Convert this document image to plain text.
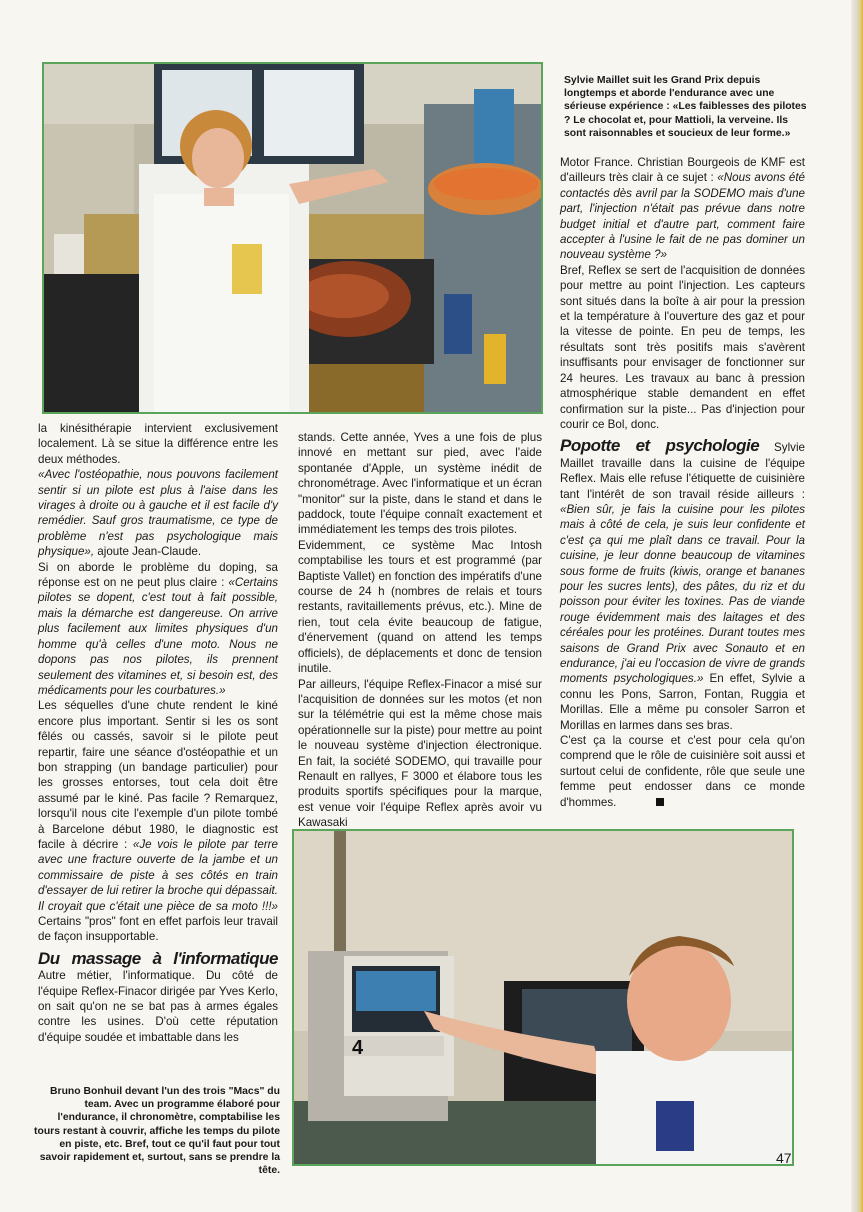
Sylvie Maillet suit les Grand Prix depuis longtemps et aborde l'endurance avec une sérieuse expérience : «Les faiblesses des pilotes ? Le chocolat et, pour Mattioli, la verveine. Ils sont raisonnables et soucieux de leur forme.»

la kinésithérapie intervient exclusivement localement. Là se situe la différence entre les deux méthodes.

«Avec l'ostéopathie, nous pouvons facilement sentir si un pilote est plus à l'aise dans les virages à droite ou à gauche et il est facile d'y remédier. Sauf gros traumatisme, ce type de problème n'est pas psychologique mais physique», ajoute Jean-Claude.

Si on aborde le problème du doping, sa réponse est on ne peut plus claire : «Certains pilotes se dopent, c'est tout à fait possible, mais la démarche est dangereuse. On arrive plus facilement aux limites physiques d'un homme qu'à celles d'une moto. Nous ne dopons pas nos pilotes, ils prennent seulement des vitamines et, si besoin est, des médicaments pour les courbatures.»

Les séquelles d'une chute rendent le kiné encore plus important. Sentir si les os sont fêlés ou cassés, savoir si le pilote peut repartir, faire une séance d'ostéopathie et un bon strapping (un bandage particulier) pour les grosses entorses, tout cela doit être assumé par le kiné. Pas facile ? Remarquez, lorsqu'il nous cite l'exemple d'un pilote tombé à Barcelone début 1980, le diagnostic est facile à décrire : «Je vois le pilote par terre avec une fracture ouverte de la jambe et un commissaire de piste à ses côtés en train d'essayer de lui retirer la broche qui dépassait. Il croyait que c'était une pièce de sa moto !!!» Certains "pros" font en effet parfois leur travail de façon insupportable.

Du massage à l'informatique Autre métier, l'informatique. Du côté de l'équipe Reflex-Finacor dirigée par Yves Kerlo, on sait qu'on ne se bat pas à armes égales contre les usines. D'où cette réputation d'équipe soudée et imbattable dans les

stands. Cette année, Yves a une fois de plus innové en mettant sur pied, avec l'aide spontanée d'Apple, un système inédit de chronométrage. Avec l'informatique et un écran "monitor" sur la piste, dans le stand et dans le paddock, toute l'équipe connaît exactement et immédiatement les temps des trois pilotes.

Evidemment, ce système Mac Intosh comptabilise les tours et est programmé (par Baptiste Vallet) en fonction des impératifs d'une course de 24 h (nombres de relais et tours restants, ravitaillements prévus, etc.). Mine de rien, tout cela évite beaucoup de fatigue, d'énervement (quand on attend les temps officiels), de déplacements et donc de tension inutile.

Par ailleurs, l'équipe Reflex-Finacor a misé sur l'acquisition de données sur les motos (et non sur la télémétrie qui est la même chose mais opérationnelle sur la piste) pour mettre au point le nouveau système d'injection électronique. En fait, la société SODEMO, qui travaille pour Renault en rallyes, F 3000 et élabore tous les produits sportifs spécifiques pour la marque, est venue voir l'équipe Reflex après avoir vu Kawasaki

Motor France. Christian Bourgeois de KMF est d'ailleurs très clair à ce sujet : «Nous avons été contactés dès avril par la SODEMO mais d'une part, l'injection n'était pas prévue dans notre budget initial et d'autre part, comment faire accepter à l'usine le fait de ne pas dominer un nouveau système ?»

Bref, Reflex se sert de l'acquisition de données pour mettre au point l'injection. Les capteurs sont situés dans la boîte à air pour la pression et la température à l'ouverture des gaz et pour la vitesse de pointe. En peu de temps, les résultats sont très positifs mais s'avèrent insuffisants pour envisager de fonctionner sur 24 heures. Les travaux au banc à pression atmosphérique stable demandent en effet confirmation sur la piste... Pas d'injection pour courir ce Bol, donc.

Popotte et psychologie Sylvie Maillet travaille dans la cuisine de l'équipe Reflex. Mais elle refuse l'étiquette de cuisinière tant l'intérêt de son travail réside ailleurs : «Bien sûr, je fais la cuisine pour les pilotes mais à côté de cela, je suis leur confidente et c'est ça qui me plaît dans ce travail. Pour la cuisine, je leur donne beaucoup de vitamines sous forme de fruits (kiwis, orange et bananes pour les sucres lents), des pâtes, du riz et du poisson pour éviter les toxines. Pas de viande rouge évidemment mais des laitages et des céréales pour les protéines. Durant toutes mes saisons de Grand Prix avec Sonauto et en endurance, j'ai eu l'occasion de vivre de grands moments psychologiques.» En effet, Sylvie a connu les Pons, Sarron, Fontan, Ruggia et Morillas. Elle a même pu consoler Sarron et Morillas en larmes dans ses bras.

C'est ça la course et c'est pour cela qu'on comprend que le rôle de cuisinière soit aussi et surtout celui de confidente, rôle que seule une femme peut endosser dans ce monde d'hommes.

4
Bruno Bonhuil devant l'un des trois "Macs" du team. Avec un programme élaboré pour l'endurance, il chronomètre, comptabilise les tours restant à couvrir, affiche les temps du pilote en piste, etc. Bref, tout ce qu'il faut pour tout savoir rapidement et, surtout, sans se prendre la tête.
47
